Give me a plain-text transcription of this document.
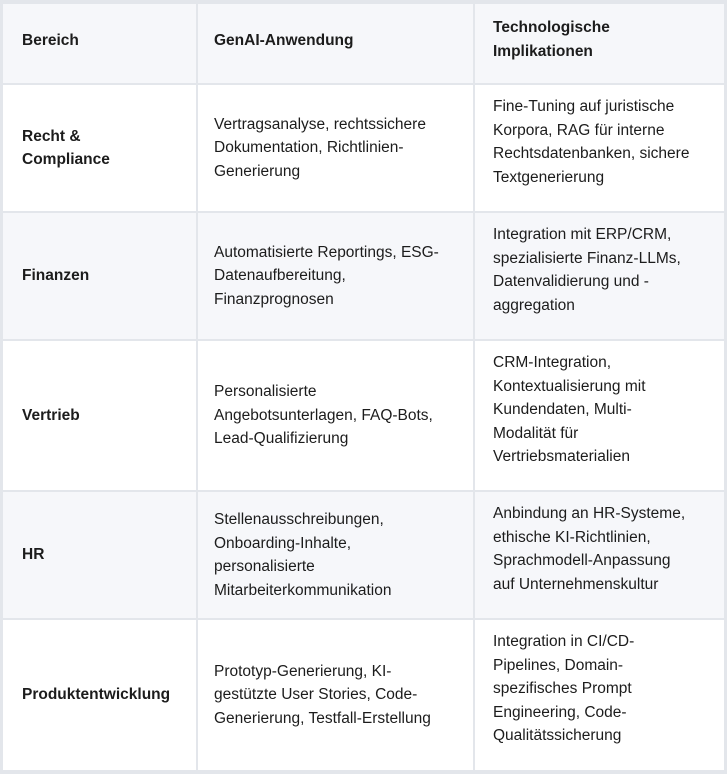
Bereich	GenAI-Anwendung
Technologische
Implikationen
Recht &
Compliance
Vertragsanalyse, rechtssichere
Dokumentation, Richtlinien-
Generierung
Fine-Tuning auf juristische
Korpora, RAG für interne
Rechtsdatenbanken, sichere
Textgenerierung
Finanzen
Automatisierte Reportings, ESG-
Datenaufbereitung,
Finanzprognosen
Integration mit ERP/CRM,
spezialisierte Finanz-LLMs,
Datenvalidierung und -
aggregation
Vertrieb
Personalisierte
Angebotsunterlagen, FAQ-Bots,
Lead-Qualifizierung
CRM-Integration,
Kontextualisierung mit
Kundendaten, Multi-
Modalität für
Vertriebsmaterialien
HR
Stellenausschreibungen,
Onboarding-Inhalte,
personalisierte
Mitarbeiterkommunikation
Anbindung an HR-Systeme,
ethische KI-Richtlinien,
Sprachmodell-Anpassung
auf Unternehmenskultur
Produktentwicklung
Prototyp-Generierung, KI-
gestützte User Stories, Code-
Generierung, Testfall-Erstellung
Integration in CI/CD-
Pipelines, Domain-
spezifisches Prompt
Engineering, Code-
Qualitätssicherung
